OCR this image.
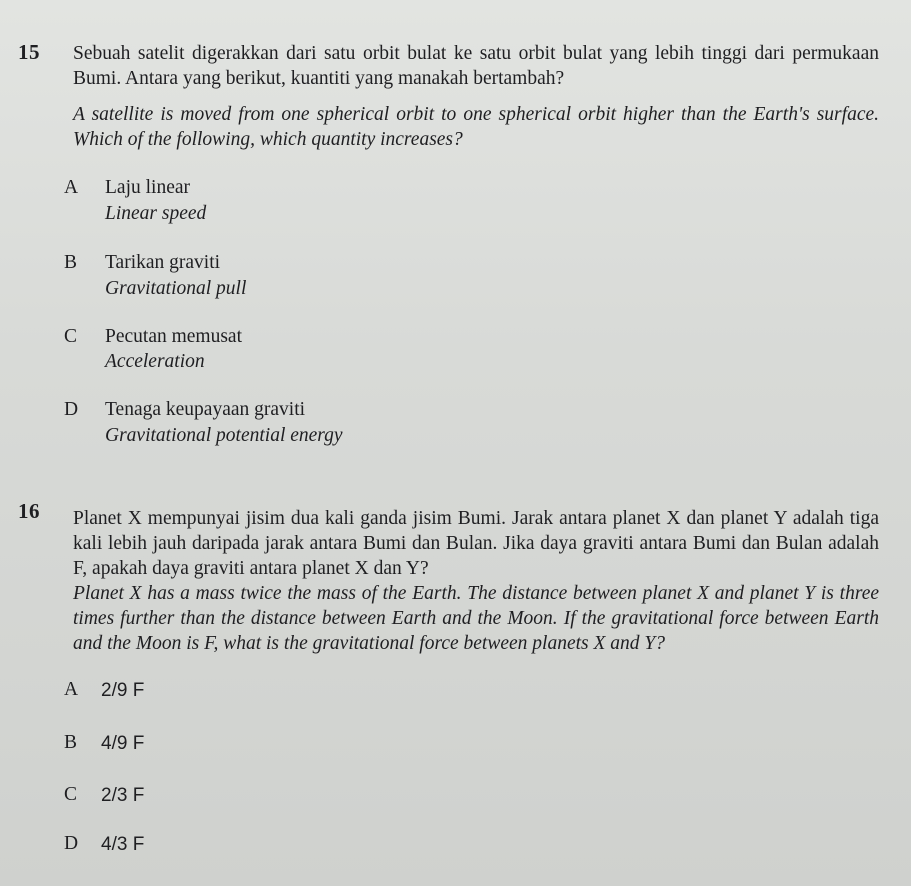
15 Sebuah satelit digerakkan dari satu orbit bulat ke satu orbit bulat yang lebih tinggi dari permukaan Bumi. Antara yang berikut, kuantiti yang manakah bertambah?
A satellite is moved from one spherical orbit to one spherical orbit higher than the Earth's surface. Which of the following, which quantity increases?
A Laju linear
Linear speed
B Tarikan graviti
Gravitational pull
C Pecutan memusat
Acceleration
D Tenaga keupayaan graviti
Gravitational potential energy
16 Planet X mempunyai jisim dua kali ganda jisim Bumi. Jarak antara planet X dan planet Y adalah tiga kali lebih jauh daripada jarak antara Bumi dan Bulan. Jika daya graviti antara Bumi dan Bulan adalah F, apakah daya graviti antara planet X dan Y?
Planet X has a mass twice the mass of the Earth. The distance between planet X and planet Y is three times further than the distance between Earth and the Moon. If the gravitational force between Earth and the Moon is F, what is the gravitational force between planets X and Y?
A 2/9 F
B 4/9 F
C 2/3 F
D 4/3 F
